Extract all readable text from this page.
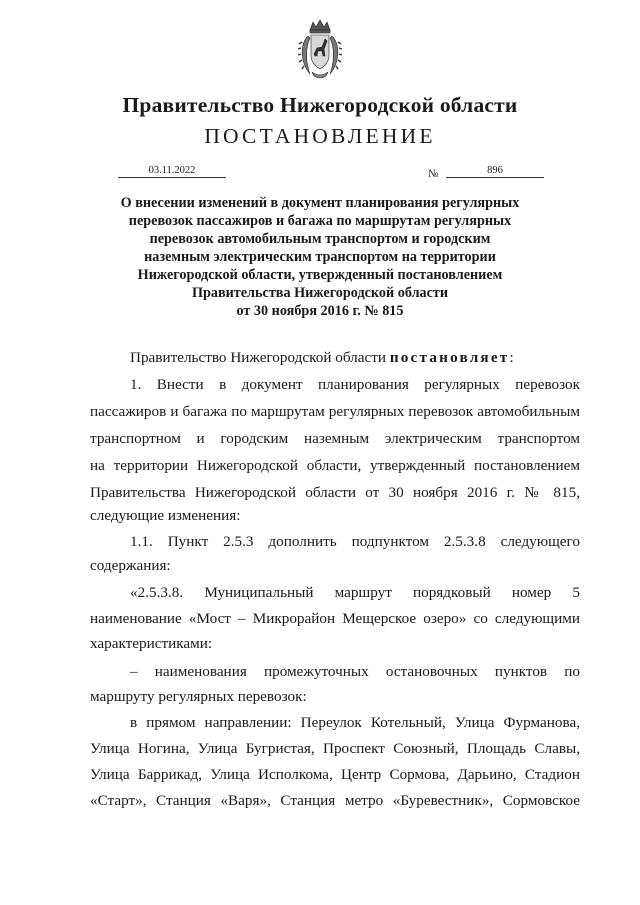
Правительство Нижегородской области
ПОСТАНОВЛЕНИЕ
03.11.2022	№	896
О внесении изменений в документ планирования регулярных
перевозок пассажиров и багажа по маршрутам регулярных
перевозок автомобильным транспортом и городским
наземным электрическим транспортом на территории
Нижегородской области, утвержденный постановлением
Правительства Нижегородской области
от 30 ноября 2016 г. № 815
Правительство Нижегородской области постановляет:
1. Внести в документ планирования регулярных перевозок
пассажиров и багажа по маршрутам регулярных перевозок автомобильным
транспортном и городским наземным электрическим транспортом
на территории Нижегородской области, утвержденный постановлением
Правительства Нижегородской области от 30 ноября 2016 г. № 815,
следующие изменения:
1.1. Пункт 2.5.3 дополнить подпунктом 2.5.3.8 следующего
содержания:
«2.5.3.8. Муниципальный маршрут порядковый номер 5
наименование «Мост – Микрорайон Мещерское озеро» со следующими
характеристиками:
– наименования промежуточных остановочных пунктов по
маршруту регулярных перевозок:
в прямом направлении: Переулок Котельный, Улица Фурманова,
Улица Ногина, Улица Бугристая, Проспект Союзный, Площадь Славы,
Улица Баррикад, Улица Исполкома, Центр Сормова, Дарьино, Стадион
«Старт», Станция «Варя», Станция метро «Буревестник», Сормовское
